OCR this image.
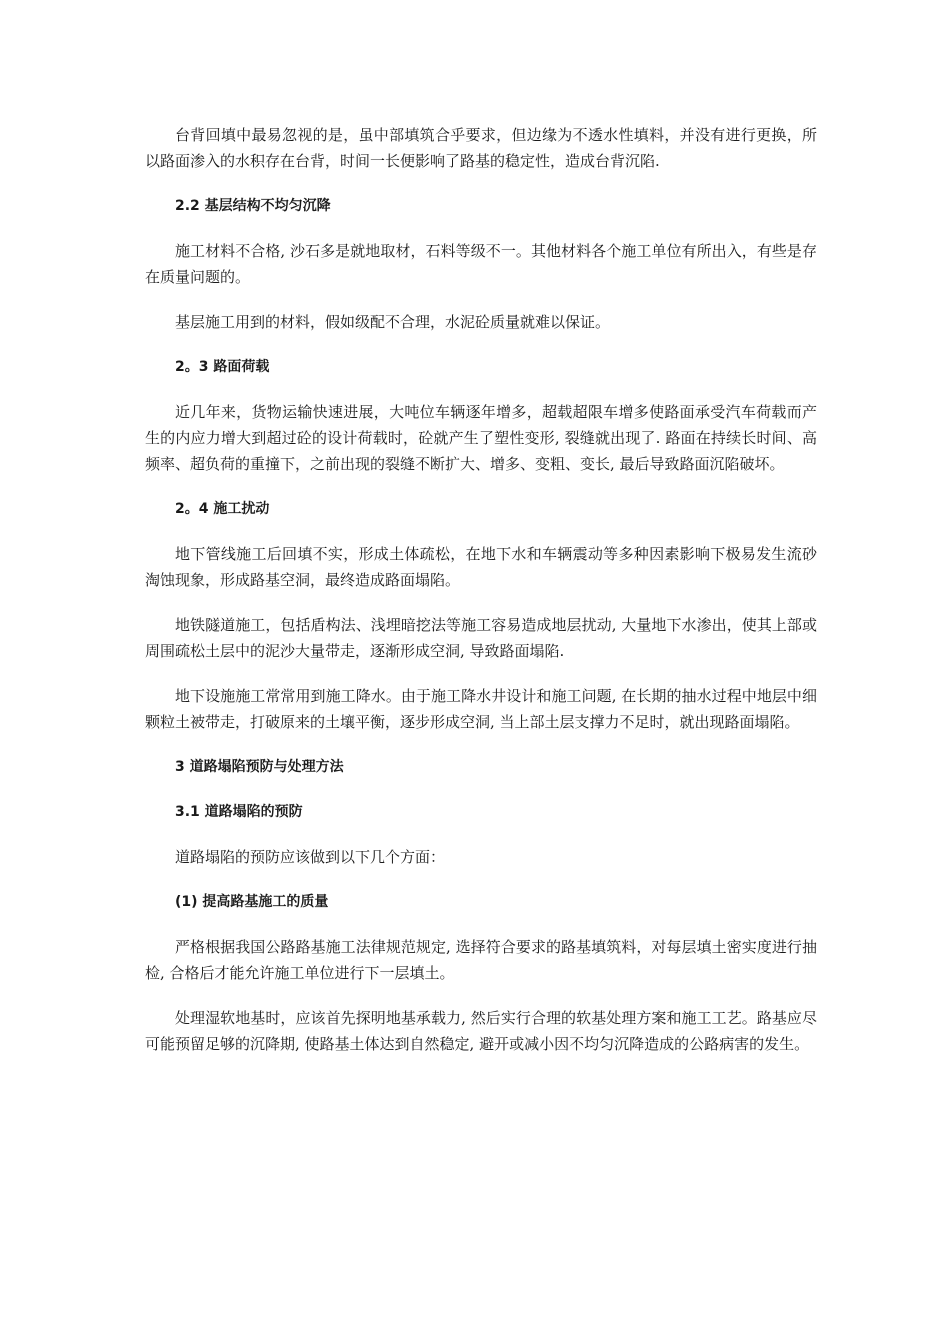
台背回填中最易忽视的是，虽中部填筑合乎要求，但边缘为不透水性填料，并没有进行更换，所以路面渗入的水积存在台背，时间一长便影响了路基的稳定性，造成台背沉陷.

2.2 基层结构不均匀沉降

施工材料不合格, 沙石多是就地取材，石料等级不一。其他材料各个施工单位有所出入，有些是存在质量问题的。

基层施工用到的材料，假如级配不合理，水泥砼质量就难以保证。

2。3 路面荷载

近几年来，货物运输快速进展，大吨位车辆逐年增多，超载超限车增多使路面承受汽车荷载而产生的内应力增大到超过砼的设计荷载时，砼就产生了塑性变形, 裂缝就出现了. 路面在持续长时间、高频率、超负荷的重撞下，之前出现的裂缝不断扩大、增多、变粗、变长, 最后导致路面沉陷破坏。

2。4 施工扰动

地下管线施工后回填不实，形成土体疏松，在地下水和车辆震动等多种因素影响下极易发生流砂淘蚀现象，形成路基空洞，最终造成路面塌陷。

地铁隧道施工，包括盾构法、浅埋暗挖法等施工容易造成地层扰动, 大量地下水渗出，使其上部或周围疏松土层中的泥沙大量带走，逐渐形成空洞, 导致路面塌陷.

地下设施施工常常用到施工降水。由于施工降水井设计和施工问题, 在长期的抽水过程中地层中细颗粒土被带走，打破原来的土壤平衡，逐步形成空洞, 当上部土层支撑力不足时，就出现路面塌陷。

3 道路塌陷预防与处理方法
3.1 道路塌陷的预防

道路塌陷的预防应该做到以下几个方面：

(1) 提高路基施工的质量

严格根据我国公路路基施工法律规范规定, 选择符合要求的路基填筑料，对每层填土密实度进行抽检, 合格后才能允许施工单位进行下一层填土。

处理湿软地基时，应该首先探明地基承载力, 然后实行合理的软基处理方案和施工工艺。路基应尽可能预留足够的沉降期, 使路基土体达到自然稳定, 避开或减小因不均匀沉降造成的公路病害的发生。
